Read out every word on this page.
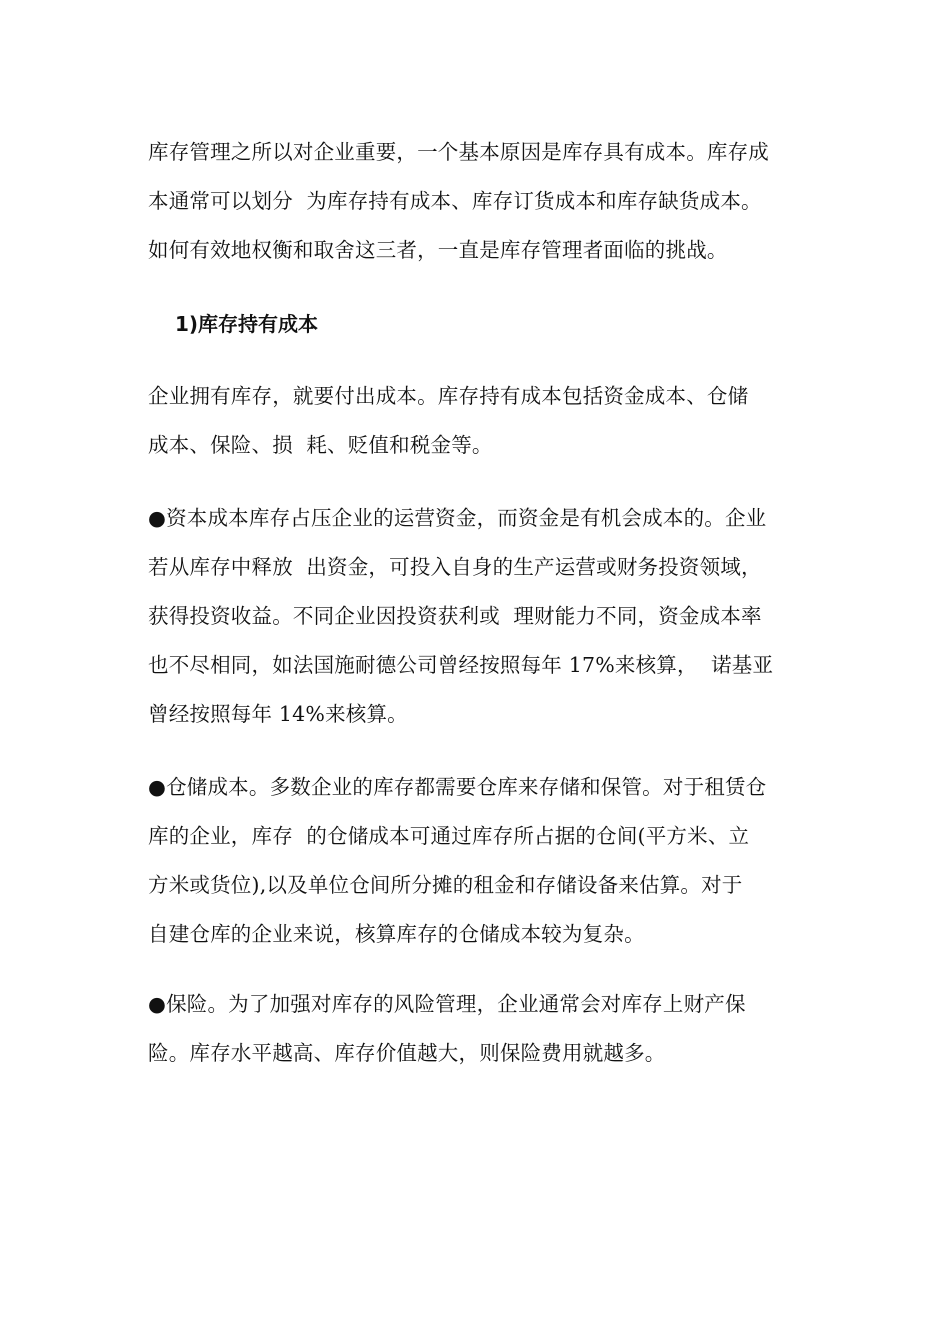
库存管理之所以对企业重要，一个基本原因是库存具有成本。库存成
本通常可以划分  为库存持有成本、库存订货成本和库存缺货成本。
如何有效地权衡和取舍这三者，一直是库存管理者面临的挑战。
1)库存持有成本
企业拥有库存，就要付出成本。库存持有成本包括资金成本、仓储
成本、保险、损  耗、贬值和税金等。
●资本成本库存占压企业的运营资金，而资金是有机会成本的。企业
若从库存中释放  出资金，可投入自身的生产运营或财务投资领域，
获得投资收益。不同企业因投资获利或  理财能力不同，资金成本率
也不尽相同，如法国施耐德公司曾经按照每年 17%来核算，  诺基亚
曾经按照每年 14%来核算。
●仓储成本。多数企业的库存都需要仓库来存储和保管。对于租赁仓
库的企业，库存  的仓储成本可通过库存所占据的仓间(平方米、立
方米或货位),以及单位仓间所分摊的租金和存储设备来估算。对于
自建仓库的企业来说，核算库存的仓储成本较为复杂。
●保险。为了加强对库存的风险管理，企业通常会对库存上财产保
险。库存水平越高、库存价值越大，则保险费用就越多。
